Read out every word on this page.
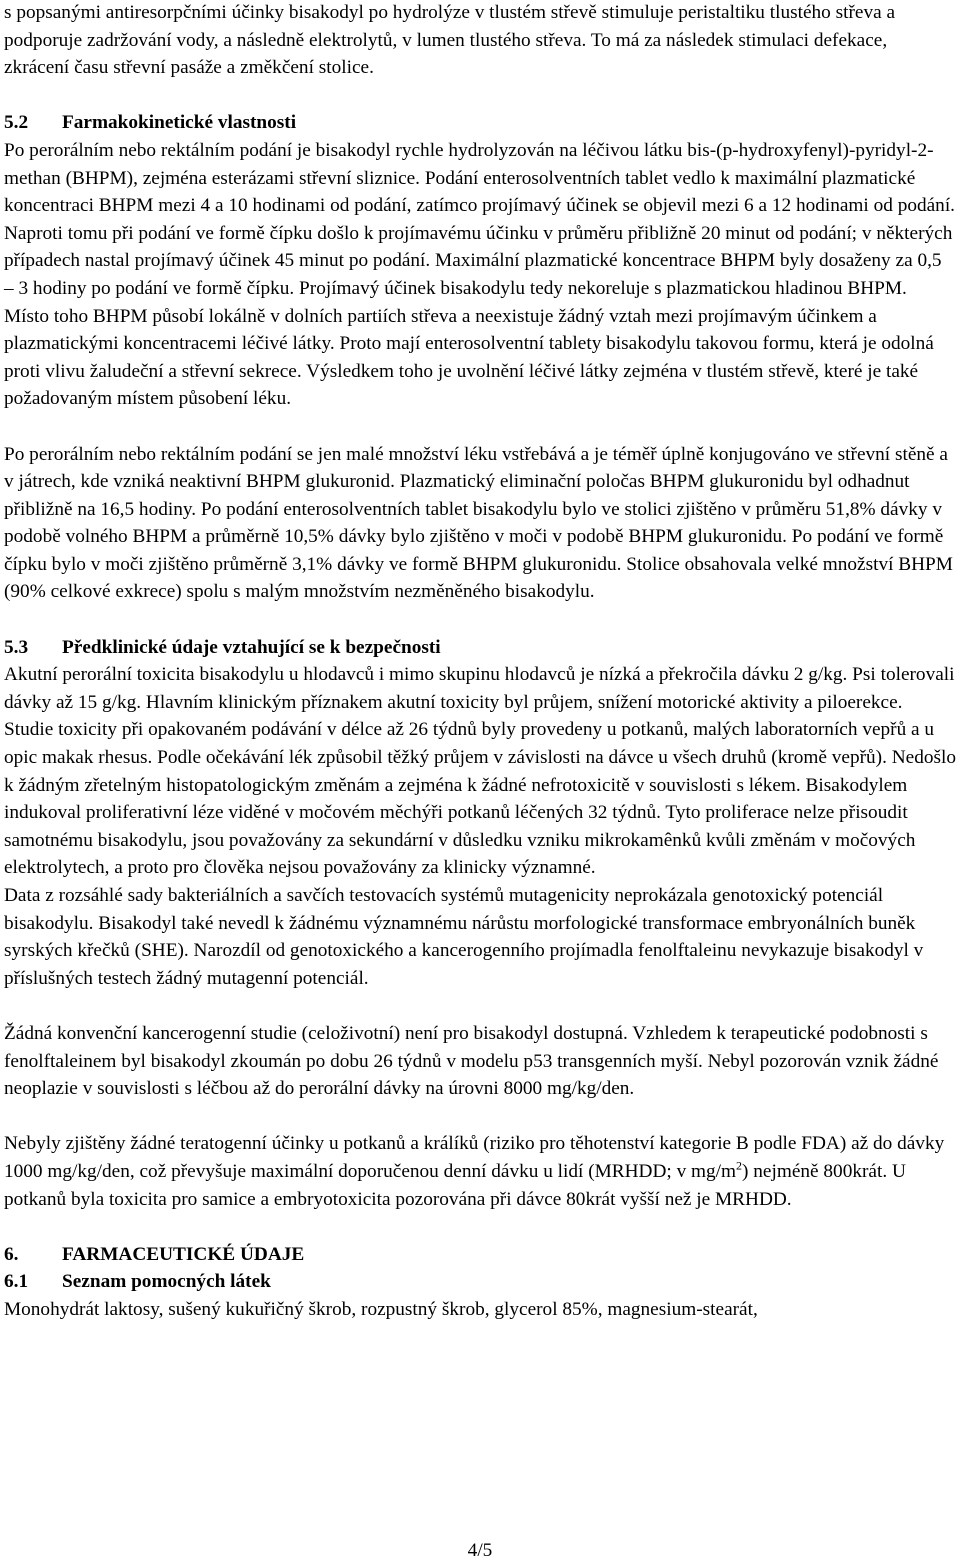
s popsanými antiresorpčními účinky bisakodyl po hydrolýze v tlustém střevě stimuluje peristaltiku tlustého střeva a podporuje zadržování vody, a následně elektrolytů, v lumen tlustého střeva. To má za následek stimulaci defekace, zkrácení času střevní pasáže a změkčení stolice.

5.2 Farmakokinetické vlastnosti

Po perorálním nebo rektálním podání je bisakodyl rychle hydrolyzován na léčivou látku bis-(p-hydroxyfenyl)-pyridyl-2-methan (BHPM), zejména esterázami střevní sliznice. Podání enterosolventních tablet vedlo k maximální plazmatické koncentraci BHPM mezi 4 a 10 hodinami od podání, zatímco projímavý účinek se objevil mezi 6 a 12 hodinami od podání. Naproti tomu při podání ve formě čípku došlo k projímavému účinku v průměru přibližně 20 minut od podání; v některých případech nastal projímavý účinek 45 minut po podání. Maximální plazmatické koncentrace BHPM byly dosaženy za 0,5 – 3 hodiny po podání ve formě čípku. Projímavý účinek bisakodylu tedy nekoreluje s plazmatickou hladinou BHPM. Místo toho BHPM působí lokálně v dolních partiích střeva a neexistuje žádný vztah mezi projímavým účinkem a plazmatickými koncentracemi léčivé látky. Proto mají enterosolventní tablety bisakodylu takovou formu, která je odolná proti vlivu žaludeční a střevní sekrece. Výsledkem toho je uvolnění léčivé látky zejména v tlustém střevě, které je také požadovaným místem působení léku.

Po perorálním nebo rektálním podání se jen malé množství léku vstřebává a je téměř úplně konjugováno ve střevní stěně a v játrech, kde vzniká neaktivní BHPM glukuronid. Plazmatický eliminační poločas BHPM glukuronidu byl odhadnut přibližně na 16,5 hodiny. Po podání enterosolventních tablet bisakodylu bylo ve stolici zjištěno v průměru 51,8% dávky v podobě volného BHPM a průměrně 10,5% dávky bylo zjištěno v moči v podobě BHPM glukuronidu. Po podání ve formě čípku bylo v moči zjištěno průměrně 3,1% dávky ve formě BHPM glukuronidu. Stolice obsahovala velké množství BHPM (90% celkové exkrece) spolu s malým množstvím nezměněného bisakodylu.

5.3 Předklinické údaje vztahující se k bezpečnosti

Akutní perorální toxicita bisakodylu u hlodavců i mimo skupinu hlodavců je nízká a překročila dávku 2 g/kg. Psi tolerovali dávky až 15 g/kg. Hlavním klinickým příznakem akutní toxicity byl průjem, snížení motorické aktivity a piloerekce.

Studie toxicity při opakovaném podávání v délce až 26 týdnů byly provedeny u potkanů, malých laboratorních vepřů a u opic makak rhesus. Podle očekávání lék způsobil těžký průjem v závislosti na dávce u všech druhů (kromě vepřů). Nedošlo k žádným zřetelným histopatologickým změnám a zejména k žádné nefrotoxicitě v souvislosti s lékem. Bisakodylem indukoval proliferativní léze viděné v močovém měchýři potkanů léčených 32 týdnů. Tyto proliferace nelze přisoudit samotnému bisakodylu, jsou považovány za sekundární v důsledku vzniku mikrokamênků kvůli změnám v močových elektrolytech, a proto pro člověka nejsou považovány za klinicky významné.

Data z rozsáhlé sady bakteriálních a savčích testovacích systémů mutagenicity neprokázala genotoxický potenciál bisakodylu. Bisakodyl také nevedl k žádnému významnému nárůstu morfologické transformace embryonálních buněk syrských křečků (SHE). Narozdíl od genotoxického a kancerogenního projímadla fenolftaleinu nevykazuje bisakodyl v příslušných testech žádný mutagenní potenciál.

Žádná konvenční kancerogenní studie (celoživotní) není pro bisakodyl dostupná. Vzhledem k terapeutické podobnosti s fenolftaleinem byl bisakodyl zkoumán po dobu 26 týdnů v modelu p53 transgenních myší. Nebyl pozorován vznik žádné neoplazie v souvislosti s léčbou až do perorální dávky na úrovni 8000 mg/kg/den.

Nebyly zjištěny žádné teratogenní účinky u potkanů a králíků (riziko pro těhotenství kategorie B podle FDA) až do dávky 1000 mg/kg/den, což převyšuje maximální doporučenou denní dávku u lidí (MRHDD; v $mg/m^2$) nejméně 800krát. U potkanů byla toxicita pro samice a embryotoxicita pozorována při dávce 80krát vyšší než je MRHDD.

6. FARMACEUTICKÉ ÚDAJE

6.1 Seznam pomocných látek

Monohydrát laktosy, sušený kukuřičný škrob, rozpustný škrob, glycerol 85%, magnesium-stearát,

4/5
